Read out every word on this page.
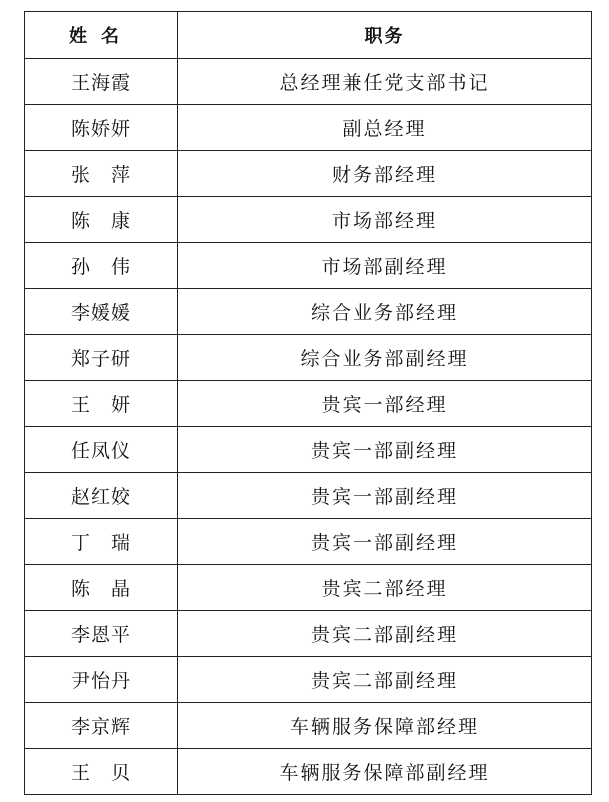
姓名	职务
王海霞	总经理兼任党支部书记
陈娇妍	副总经理
张　萍	财务部经理
陈　康	市场部经理
孙　伟	市场部副经理
李媛媛	综合业务部经理
郑子研	综合业务部副经理
王　妍	贵宾一部经理
任凤仪	贵宾一部副经理
赵红姣	贵宾一部副经理
丁　瑞	贵宾一部副经理
陈　晶	贵宾二部经理
李恩平	贵宾二部副经理
尹怡丹	贵宾二部副经理
李京辉	车辆服务保障部经理
王　贝	车辆服务保障部副经理
